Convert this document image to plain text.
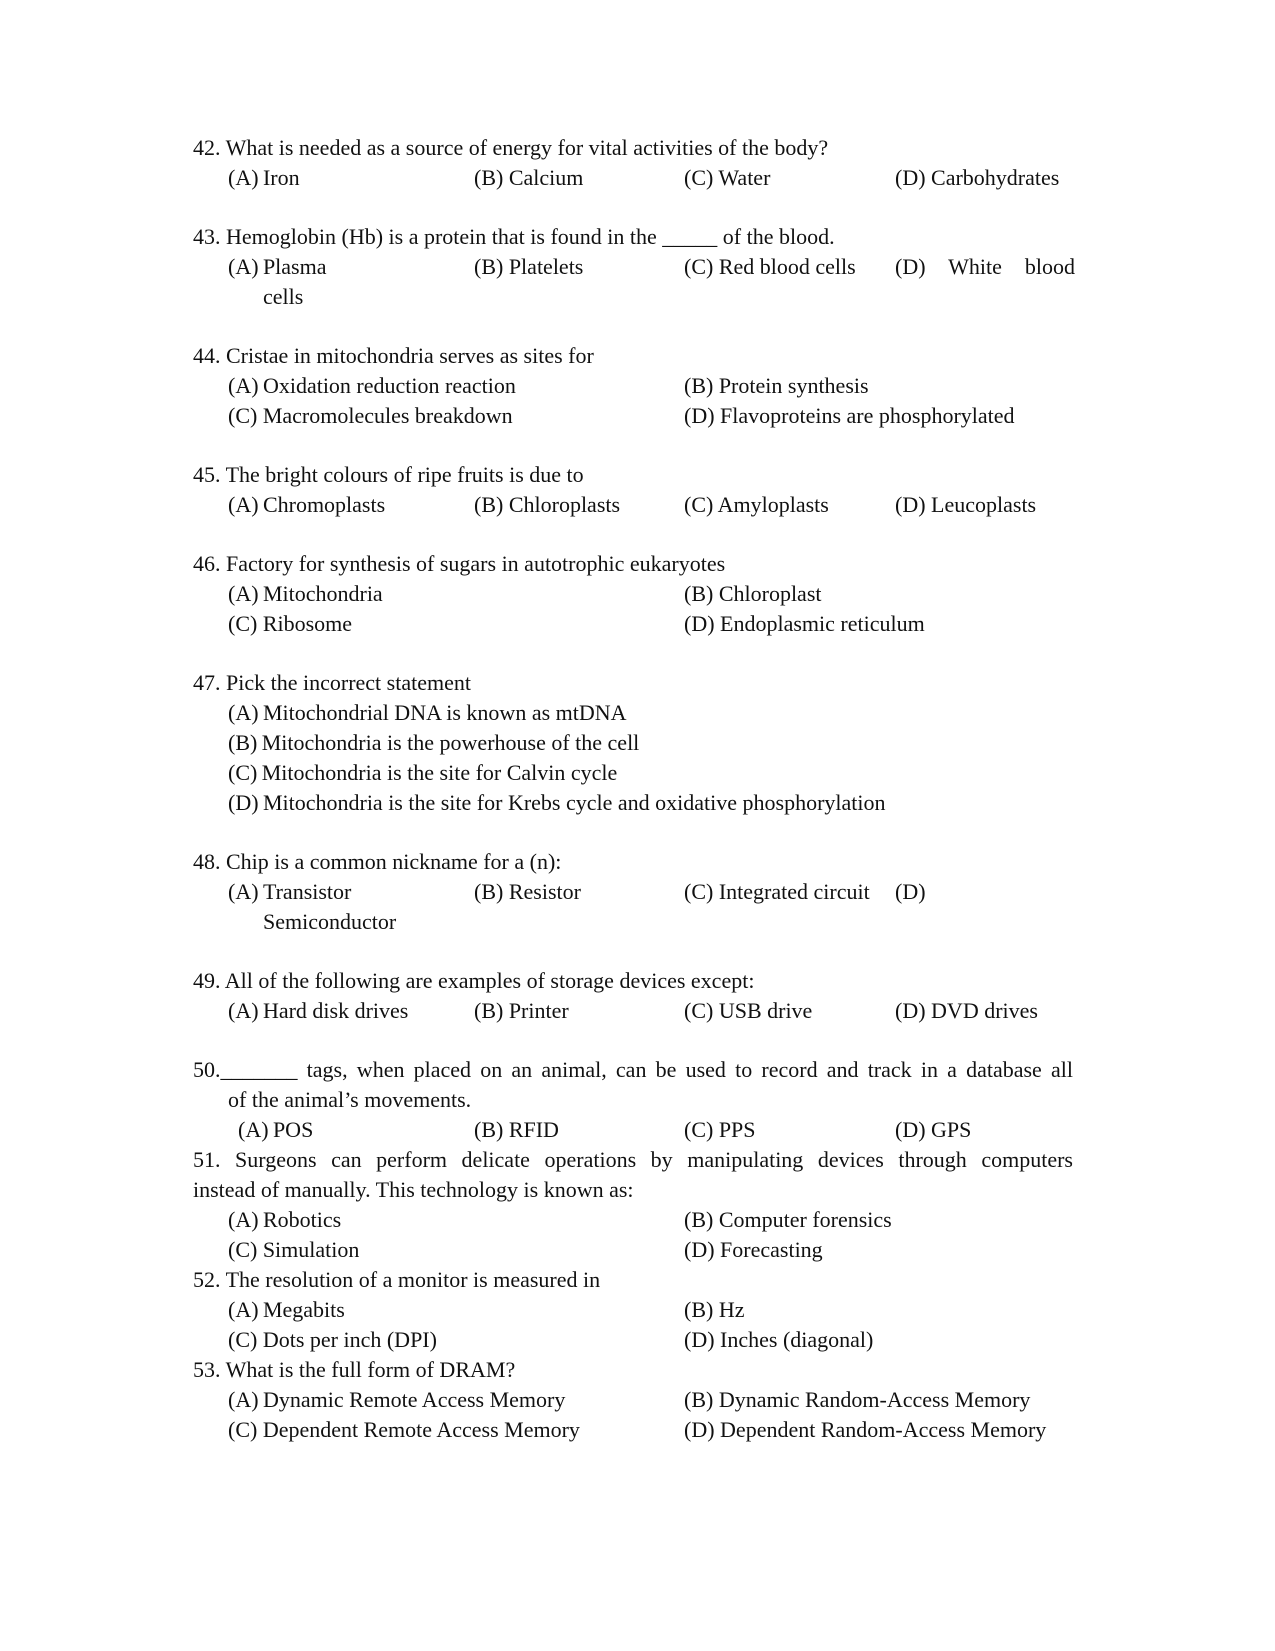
42. What is needed as a source of energy for vital activities of the body?
(A) Iron	(B) Calcium	(C) Water	(D) Carbohydrates
43. Hemoglobin (Hb) is a protein that is found in the _____ of the blood.
(A) Plasma	(B) Platelets	(C) Red blood cells (D) White blood
cells
44. Cristae in mitochondria serves as sites for
(A) Oxidation reduction reaction	(B) Protein synthesis
(C) Macromolecules breakdown	(D) Flavoproteins are phosphorylated
45. The bright colours of ripe fruits is due to
(A) Chromoplasts	(B) Chloroplasts	(C) Amyloplasts	(D) Leucoplasts
46. Factory for synthesis of sugars in autotrophic eukaryotes
(A) Mitochondria	(B) Chloroplast
(C) Ribosome	(D) Endoplasmic reticulum
47. Pick the incorrect statement
(A) Mitochondrial DNA is known as mtDNA
(B) Mitochondria is the powerhouse of the cell
(C) Mitochondria is the site for Calvin cycle
(D) Mitochondria is the site for Krebs cycle and oxidative phosphorylation
48. Chip is a common nickname for a (n):
(A) Transistor	(B) Resistor	(C) Integrated circuit (D)
Semiconductor
49. All of the following are examples of storage devices except:
(A) Hard disk drives	(B) Printer	(C) USB drive	(D) DVD drives
50._______ tags, when placed on an animal, can be used to record and track in a database all
of the animal’s movements.
(A) POS	(B) RFID	(C) PPS	(D) GPS
51. Surgeons can perform delicate operations by manipulating devices through computers
instead of manually. This technology is known as:
(A) Robotics	(B) Computer forensics
(C) Simulation	(D) Forecasting
52. The resolution of a monitor is measured in
(A) Megabits	(B) Hz
(C) Dots per inch (DPI)	(D) Inches (diagonal)
53. What is the full form of DRAM?
(A) Dynamic Remote Access Memory	(B) Dynamic Random-Access Memory
(C) Dependent Remote Access Memory	(D) Dependent Random-Access Memory
